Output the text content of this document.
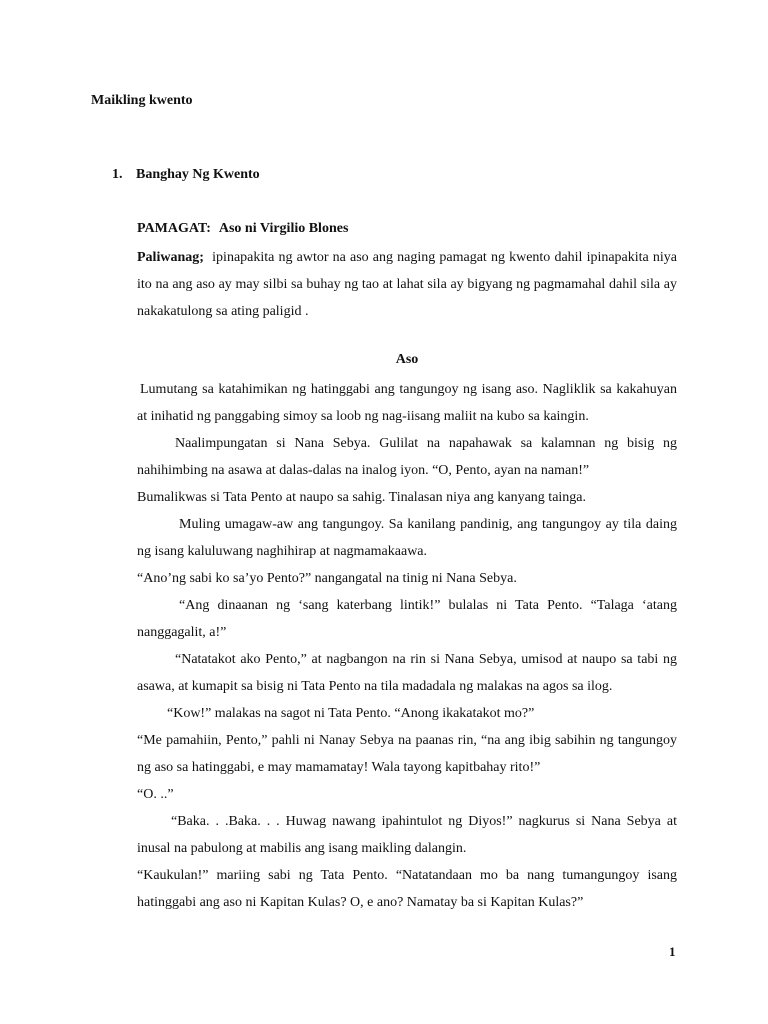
Maikling kwento
1. Banghay Ng Kwento
PAMAGAT: Aso ni Virgilio Blones

Paliwanag; ipinapakita ng awtor na aso ang naging pamagat ng kwento dahil ipinapakita niya ito na ang aso ay may silbi sa buhay ng tao at lahat sila ay bigyang ng pagmamahal dahil sila ay nakakatulong sa ating paligid .

Aso

Lumutang sa katahimikan ng hatinggabi ang tangungoy ng isang aso. Nagliklik sa kakahuyan at inihatid ng panggabing simoy sa loob ng nag-iisang maliit na kubo sa kaingin.

Naalimpungatan si Nana Sebya. Gulilat na napahawak sa kalamnan ng bisig ng nahihimbing na asawa at dalas-dalas na inalog iyon. “O, Pento, ayan na naman!”

Bumalikwas si Tata Pento at naupo sa sahig. Tinalasan niya ang kanyang tainga.

Muling umagaw-aw ang tangungoy. Sa kanilang pandinig, ang tangungoy ay tila daing ng isang kaluluwang naghihirap at nagmamakaawa.

“Ano’ng sabi ko sa’yo Pento?” nangangatal na tinig ni Nana Sebya.

“Ang dinaanan ng ‘sang katerbang lintik!” bulalas ni Tata Pento. “Talaga ‘atang nanggagalit, a!”

“Natatakot ako Pento,” at nagbangon na rin si Nana Sebya, umisod at naupo sa tabi ng asawa, at kumapit sa bisig ni Tata Pento na tila madadala ng malakas na agos sa ilog.

“Kow!” malakas na sagot ni Tata Pento. “Anong ikakatakot mo?”

“Me pamahiin, Pento,” pahli ni Nanay Sebya na paanas rin, “na ang ibig sabihin ng tangungoy ng aso sa hatinggabi, e may mamamatay! Wala tayong kapitbahay rito!”

“O. ..”

“Baka. . .Baka. . . Huwag nawang ipahintulot ng Diyos!” nagkurus si Nana Sebya at inusal na pabulong at mabilis ang isang maikling dalangin.

“Kaukulan!” mariing sabi ng Tata Pento. “Natatandaan mo ba nang tumangungoy isang hatinggabi ang aso ni Kapitan Kulas? O, e ano? Namatay ba si Kapitan Kulas?”

1
